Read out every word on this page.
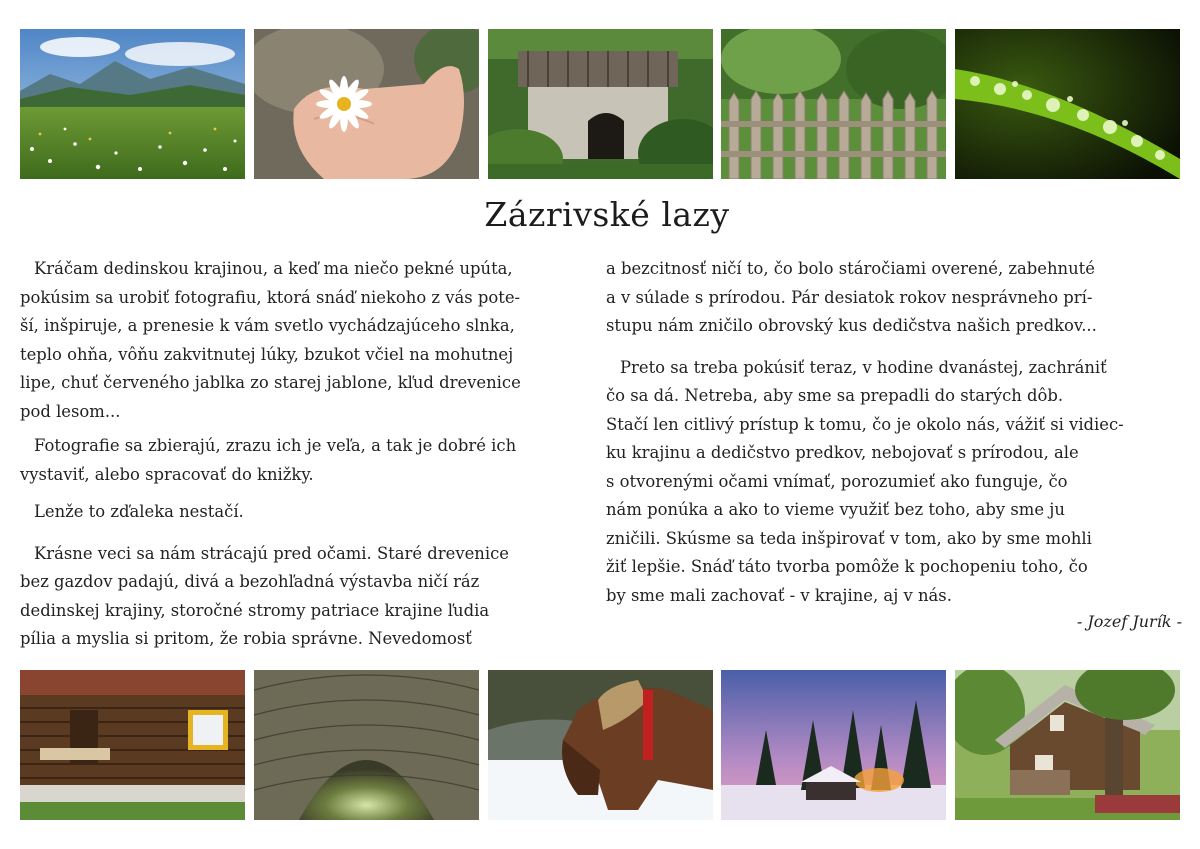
Zázrivské lazy

Kráčam dedinskou krajinou, a keď ma niečo pekné upúta,
pokúsim sa urobiť fotografiu, ktorá snáď niekoho z vás pote-
ší, inšpiruje, a prenesie k vám svetlo vychádzajúceho slnka,
teplo ohňa, vôňu zakvitnutej lúky, bzukot včiel na mohutnej
lipe, chuť červeného jablka zo starej jablone, kľud drevenice
pod lesom...

Fotografie sa zbierajú, zrazu ich je veľa, a tak je dobré ich
vystaviť, alebo spracovať do knižky.

Lenže to zďaleka nestačí.

Krásne veci sa nám strácajú pred očami. Staré drevenice
bez gazdov padajú, divá a bezohľadná výstavba ničí ráz
dedinskej krajiny, storočné stromy patriace krajine ľudia
pília a myslia si pritom, že robia správne. Nevedomosť

a bezcitnosť ničí to, čo bolo stáročiami overené, zabehnuté
a v súlade s prírodou. Pár desiatok rokov nesprávneho prí-
stupu nám zničilo obrovský kus dedičstva našich predkov...

Preto sa treba pokúsiť teraz, v hodine dvanástej, zachrániť
čo sa dá. Netreba, aby sme sa prepadli do starých dôb.
Stačí len citlivý prístup k tomu, čo je okolo nás, vážiť si vidiec-
ku krajinu a dedičstvo predkov, nebojovať s prírodou, ale
s otvorenými očami vnímať, porozumieť ako funguje, čo
nám ponúka a ako to vieme využiť bez toho, aby sme ju
zničili. Skúsme sa teda inšpirovať v tom, ako by sme mohli
žiť lepšie. Snáď táto tvorba pomôže k pochopeniu toho, čo
by sme mali zachovať - v krajine, aj v nás.

- Jozef Jurík -
